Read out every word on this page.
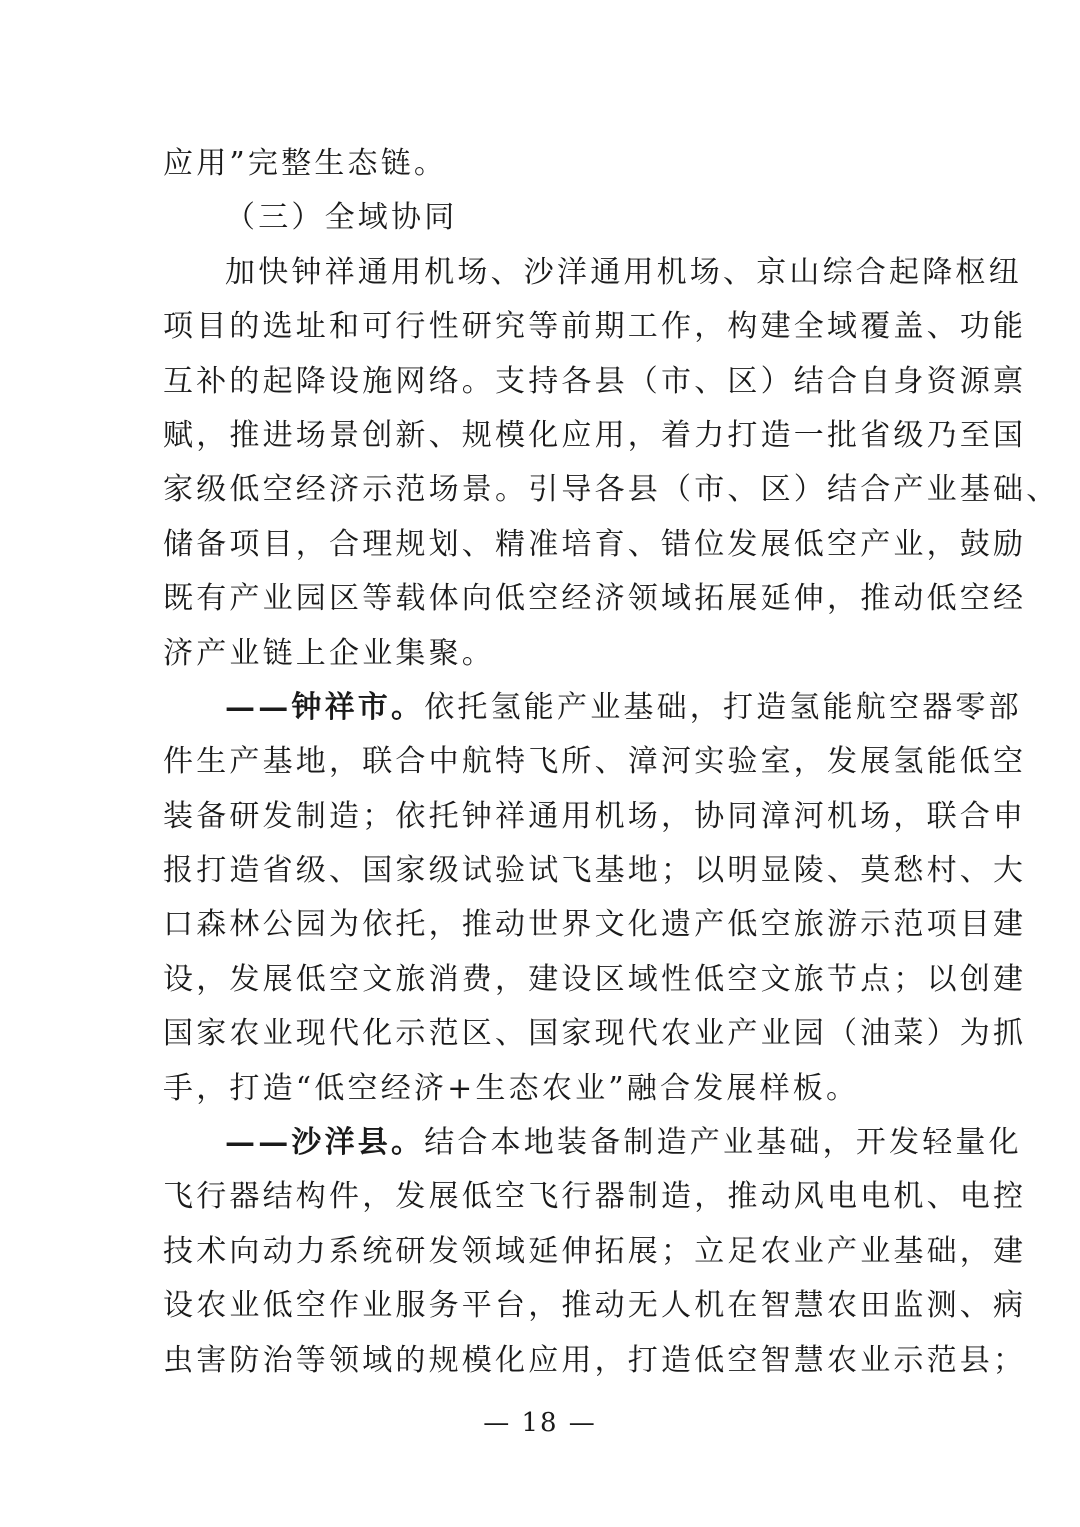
应用”完整生态链。
（三）全域协同
加快钟祥通用机场、沙洋通用机场、京山综合起降枢纽
项目的选址和可行性研究等前期工作，构建全域覆盖、功能
互补的起降设施网络。支持各县（市、区）结合自身资源禀
赋，推进场景创新、规模化应用，着力打造一批省级乃至国
家级低空经济示范场景。引导各县（市、区）结合产业基础、
储备项目，合理规划、精准培育、错位发展低空产业，鼓励
既有产业园区等载体向低空经济领域拓展延伸，推动低空经
济产业链上企业集聚。
——钟祥市。依托氢能产业基础，打造氢能航空器零部
件生产基地，联合中航特飞所、漳河实验室，发展氢能低空
装备研发制造；依托钟祥通用机场，协同漳河机场，联合申
报打造省级、国家级试验试飞基地；以明显陵、莫愁村、大
口森林公园为依托，推动世界文化遗产低空旅游示范项目建
设，发展低空文旅消费，建设区域性低空文旅节点；以创建
国家农业现代化示范区、国家现代农业产业园（油菜）为抓
手，打造“低空经济+生态农业”融合发展样板。
——沙洋县。结合本地装备制造产业基础，开发轻量化
飞行器结构件，发展低空飞行器制造，推动风电电机、电控
技术向动力系统研发领域延伸拓展；立足农业产业基础，建
设农业低空作业服务平台，推动无人机在智慧农田监测、病
虫害防治等领域的规模化应用，打造低空智慧农业示范县；
— 18 —
